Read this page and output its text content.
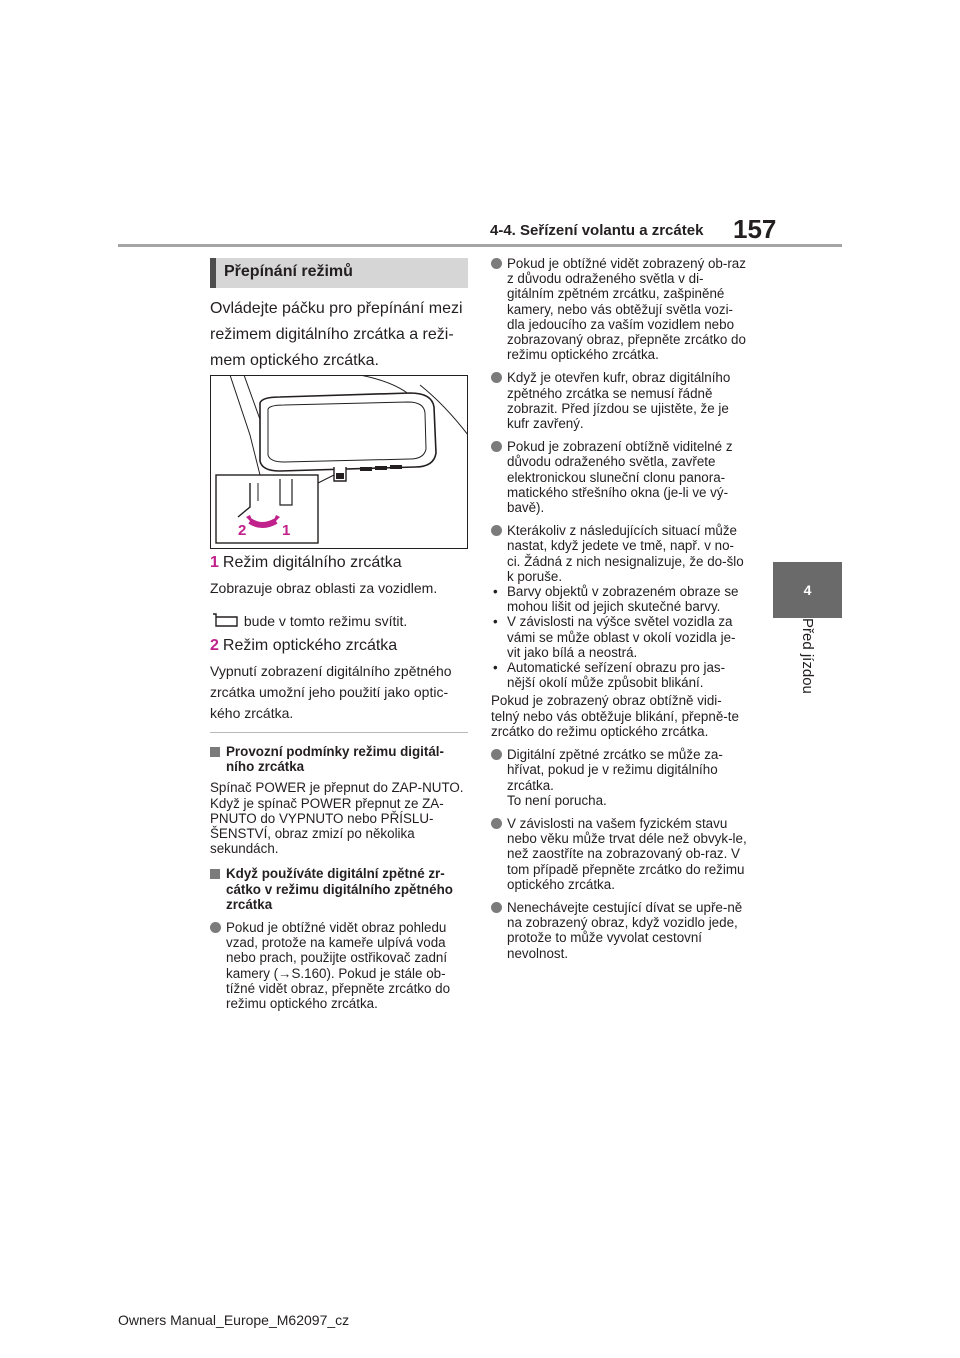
4-4. Seřízení volantu a zrcátek 157
4
Před jízdou
Přepínání režimů
Ovládejte páčku pro přepínání mezi režimem digitálního zrcátka a reži-mem optického zrcátka.
2 1
1 Režim digitálního zrcátka
Zobrazuje obraz oblasti za vozidlem.
bude v tomto režimu svítit.
2 Režim optického zrcátka
Vypnutí zobrazení digitálního zpětného zrcátka umožní jeho použití jako optic-kého zrcátka.
Provozní podmínky režimu digitál-ního zrcátka
Spínač POWER je přepnut do ZAP-NUTO.
Když je spínač POWER přepnut ze ZA-PNUTO do VYPNUTO nebo PŘÍSLU-ŠENSTVÍ, obraz zmizí po několika sekundách.
Když používáte digitální zpětné zr-cátko v režimu digitálního zpětného zrcátka
Pokud je obtížné vidět obraz pohledu vzad, protože na kameře ulpívá voda nebo prach, použijte ostřikovač zadní kamery (→S.160). Pokud je stále ob-tížné vidět obraz, přepněte zrcátko do režimu optického zrcátka.
Pokud je obtížné vidět zobrazený ob-raz z důvodu odraženého světla v di-gitálním zpětném zrcátku, zašpiněné kamery, nebo vás obtěžují světla vozi-dla jedoucího za vaším vozidlem nebo zobrazovaný obraz, přepněte zrcátko do režimu optického zrcátka.
Když je otevřen kufr, obraz digitálního zpětného zrcátka se nemusí řádně zobrazit. Před jízdou se ujistěte, že je kufr zavřený.
Pokud je zobrazení obtížně viditelné z důvodu odraženého světla, zavřete elektronickou sluneční clonu panora-matického střešního okna (je-li ve vý-bavě).
Kterákoliv z následujících situací může nastat, když jedete ve tmě, např. v no-ci. Žádná z nich nesignalizuje, že do-šlo k poruše.
• Barvy objektů v zobrazeném obraze se mohou lišit od jejich skutečné barvy.
• V závislosti na výšce světel vozidla za vámi se může oblast v okolí vozidla je-vit jako bílá a neostrá.
• Automatické seřízení obrazu pro jas-nější okolí může způsobit blikání.
Pokud je zobrazený obraz obtížně vidi-telný nebo vás obtěžuje blikání, přepně-te zrcátko do režimu optického zrcátka.
Digitální zpětné zrcátko se může za-hřívat, pokud je v režimu digitálního zrcátka.
To není porucha.
V závislosti na vašem fyzickém stavu nebo věku může trvat déle než obvyk-le, než zaostříte na zobrazovaný ob-raz. V tom případě přepněte zrcátko do režimu optického zrcátka.
Nenechávejte cestující dívat se upře-ně na zobrazený obraz, když vozidlo jede, protože to může vyvolat cestovní nevolnost.
Owners Manual_Europe_M62097_cz
